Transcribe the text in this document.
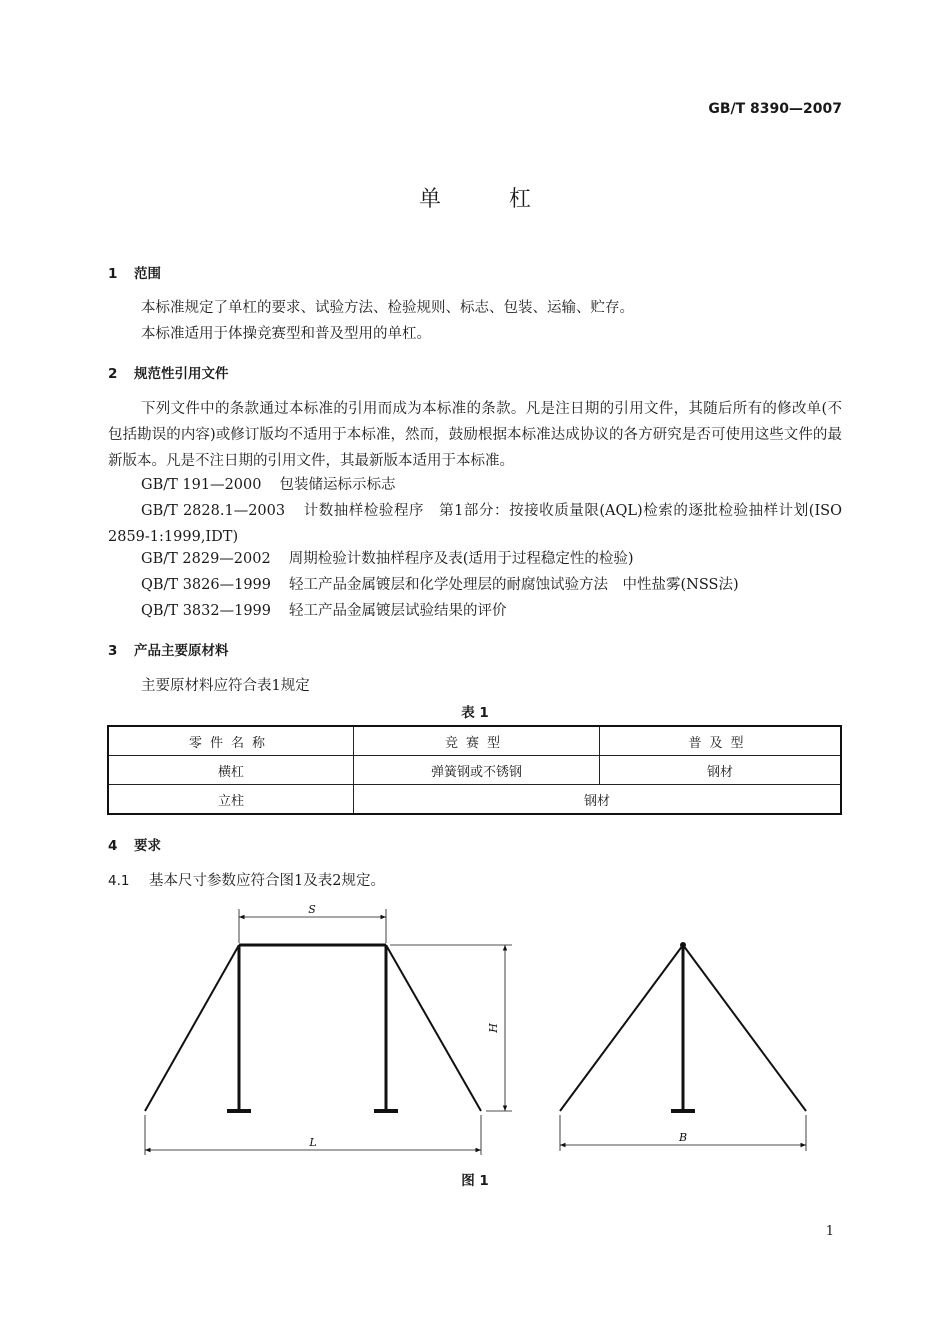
GB/T 8390—2007
单杠
1 范围
本标准规定了单杠的要求、试验方法、检验规则、标志、包装、运输、贮存。
本标准适用于体操竞赛型和普及型用的单杠。
2 规范性引用文件
下列文件中的条款通过本标准的引用而成为本标准的条款。凡是注日期的引用文件，其随后所有的修改单(不包括勘误的内容)或修订版均不适用于本标准，然而，鼓励根据本标准达成协议的各方研究是否可使用这些文件的最新版本。凡是不注日期的引用文件，其最新版本适用于本标准。
GB/T 191—2000 包装储运标示标志
GB/T 2828.1—2003 计数抽样检验程序　第1部分：按接收质量限(AQL)检索的逐批检验抽样计划(ISO 2859-1:1999,IDT)
GB/T 2829—2002 周期检验计数抽样程序及表(适用于过程稳定性的检验)
QB/T 3826—1999 轻工产品金属镀层和化学处理层的耐腐蚀试验方法　中性盐雾(NSS法)
QB/T 3832—1999 轻工产品金属镀层试验结果的评价
3 产品主要原材料
主要原材料应符合表1规定
表 1
零件名称	竞赛型	普及型
横杠	弹簧钢或不锈钢	钢材
立柱	钢材	
4 要求
4.1 基本尺寸参数应符合图1及表2规定。
S
H
L	B
图 1
1
